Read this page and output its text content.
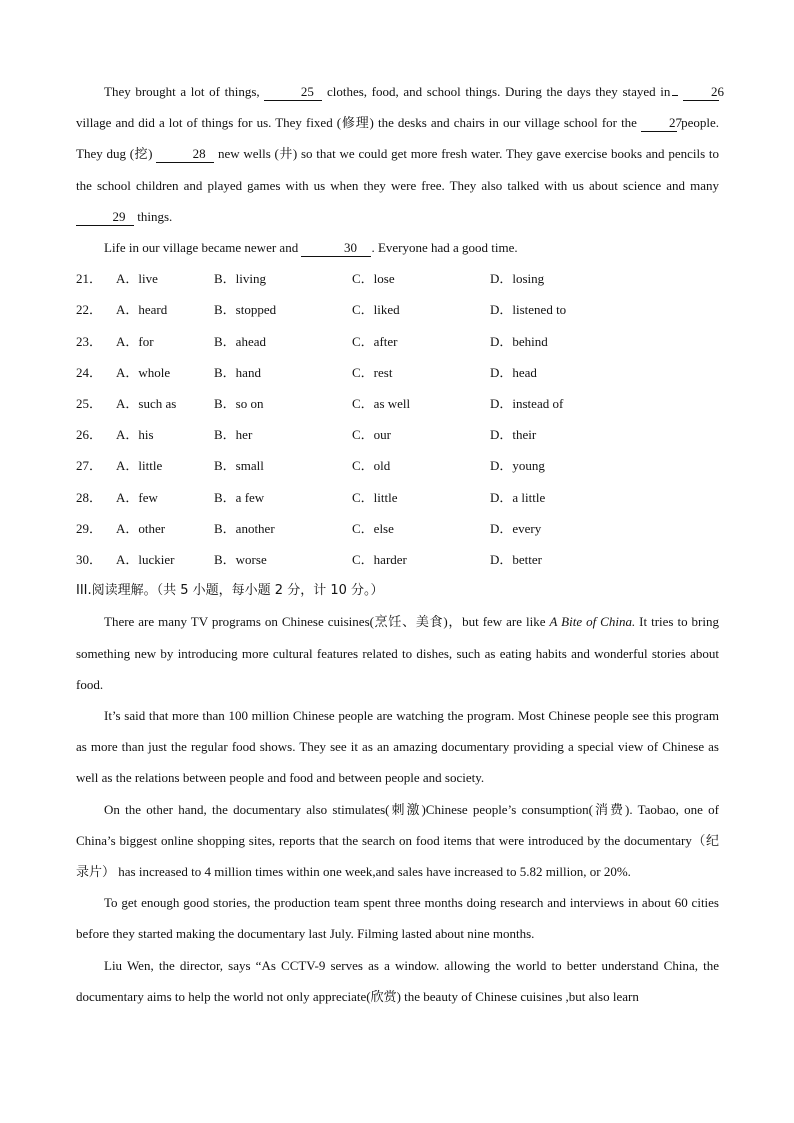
They brought a lot of things,	25 clothes, food, and school things. During the days they stayed in	26 village and did a lot of things for us. They fixed (修理) the desks and chairs in our village school for the 27 people. They dug (挖)	28 new wells (井) so that we could get more fresh water. They gave exercise books and pencils to the school children and played games with us when they were free. They also talked with us about science and many 29 things.

Life in our village became newer and	30 . Everyone had a good time.

21．	A．live	B．living	C．lose	D．losing
22．	A．heard	B．stopped	C．liked	D．listened to
23．	A．for	B．ahead	C．after	D．behind
24．	A．whole	B．hand	C．rest	D．head
25．	A．such as	B．so on	C．as well	D．instead of
26．	A．his	B．her	C．our	D．their
27．	A．little	B．small	C．old	D．young
28．	A．few	B．a few	C．little	D．a little
29．	A．other	B．another	C．else	D．every
30．	A．luckier	B．worse	C．harder	D．better

III.阅读理解。（共 5 小题，每小题 2 分，计 10 分。）

There are many TV programs on Chinese cuisines(烹饪、美食)，but few are like A Bite of China. It tries to bring something new by introducing more cultural features related to dishes, such as eating habits and wonderful stories about food.

It’s said that more than 100 million Chinese people are watching the program. Most Chinese people see this program as more than just the regular food shows. They see it as an amazing documentary providing a special view of Chinese as well as the relations between people and food and between people and society.

On the other hand, the documentary also stimulates(刺激)Chinese people’s consumption(消费). Taobao, one of China’s biggest online shopping sites, reports that the search on food items that were introduced by the documentary（纪录片） has increased to 4 million times within one week,and sales have increased to 5.82 million, or 20%.

To get enough good stories, the production team spent three months doing research and interviews in about 60 cities before they started making the documentary last July. Filming lasted about nine months.

Liu Wen, the director, says “As CCTV-9 serves as a window. allowing the world to better understand China, the documentary aims to help the world not only appreciate(欣赏) the beauty of Chinese cuisines ,but also learn
